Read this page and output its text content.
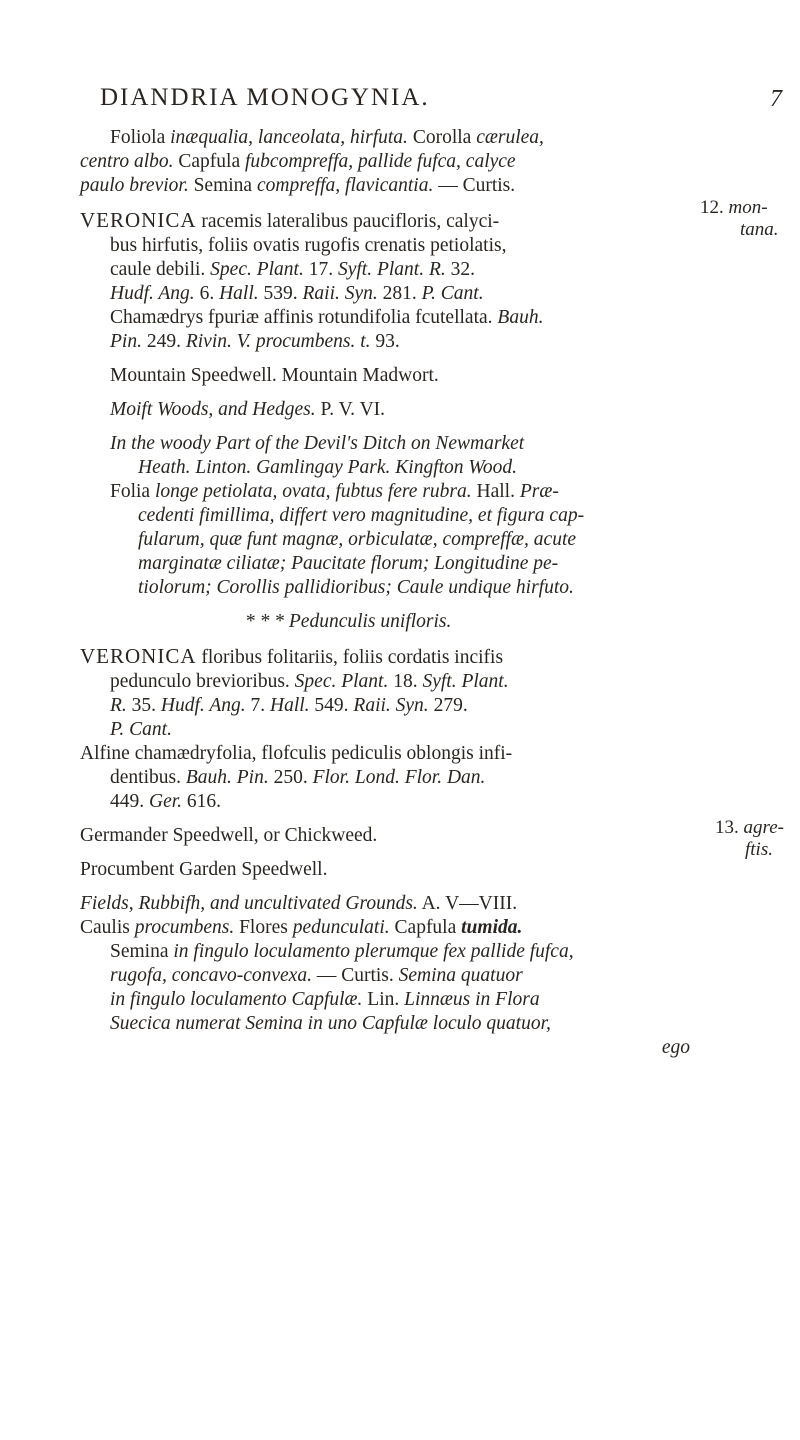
DIANDRIA MONOGYNIA.	7
12. mon-
tana.
13. agre-
ftis.
Foliola inæqualia, lanceolata, hirfuta. Corolla cærulea,
centro albo. Capfula fubcompreffa, pallide fufca, calyce
paulo brevior. Semina compreffa, flavicantia. — Curtis.
VERONICA racemis lateralibus paucifloris, calyci-
bus hirfutis, foliis ovatis rugofis crenatis petiolatis,
caule debili. Spec. Plant. 17. Syft. Plant. R. 32.
Hudf. Ang. 6. Hall. 539. Raii. Syn. 281. P. Cant.
Chamædrys fpuriæ affinis rotundifolia fcutellata. Bauh.
Pin. 249. Rivin. V. procumbens. t. 93.
Mountain Speedwell. Mountain Madwort.
Moift Woods, and Hedges. P. V. VI.
In the woody Part of the Devil's Ditch on Newmarket
Heath. Linton. Gamlingay Park. Kingfton Wood.
Folia longe petiolata, ovata, fubtus fere rubra. Hall. Præ-
cedenti fimillima, differt vero magnitudine, et figura cap-
fularum, quæ funt magnæ, orbiculatæ, compreffæ, acute
marginatæ ciliatæ; Paucitate florum; Longitudine pe-
tiolorum; Corollis pallidioribus; Caule undique hirfuto.
* * * Pedunculis unifloris.
VERONICA floribus folitariis, foliis cordatis incifis
pedunculo brevioribus. Spec. Plant. 18. Syft. Plant.
R. 35. Hudf. Ang. 7. Hall. 549. Raii. Syn. 279.
P. Cant.
Alfine chamædryfolia, flofculis pediculis oblongis infi-
dentibus. Bauh. Pin. 250. Flor. Lond. Flor. Dan.
449. Ger. 616.
Germander Speedwell, or Chickweed.
Procumbent Garden Speedwell.
Fields, Rubbifh, and uncultivated Grounds. A. V—VIII.
Caulis procumbens. Flores pedunculati. Capfula tumida.
Semina in fingulo loculamento plerumque fex pallide fufca,
rugofa, concavo-convexa. — Curtis. Semina quatuor
in fingulo loculamento Capfulæ. Lin. Linnæus in Flora
Suecica numerat Semina in uno Capfulæ loculo quatuor,
ego
